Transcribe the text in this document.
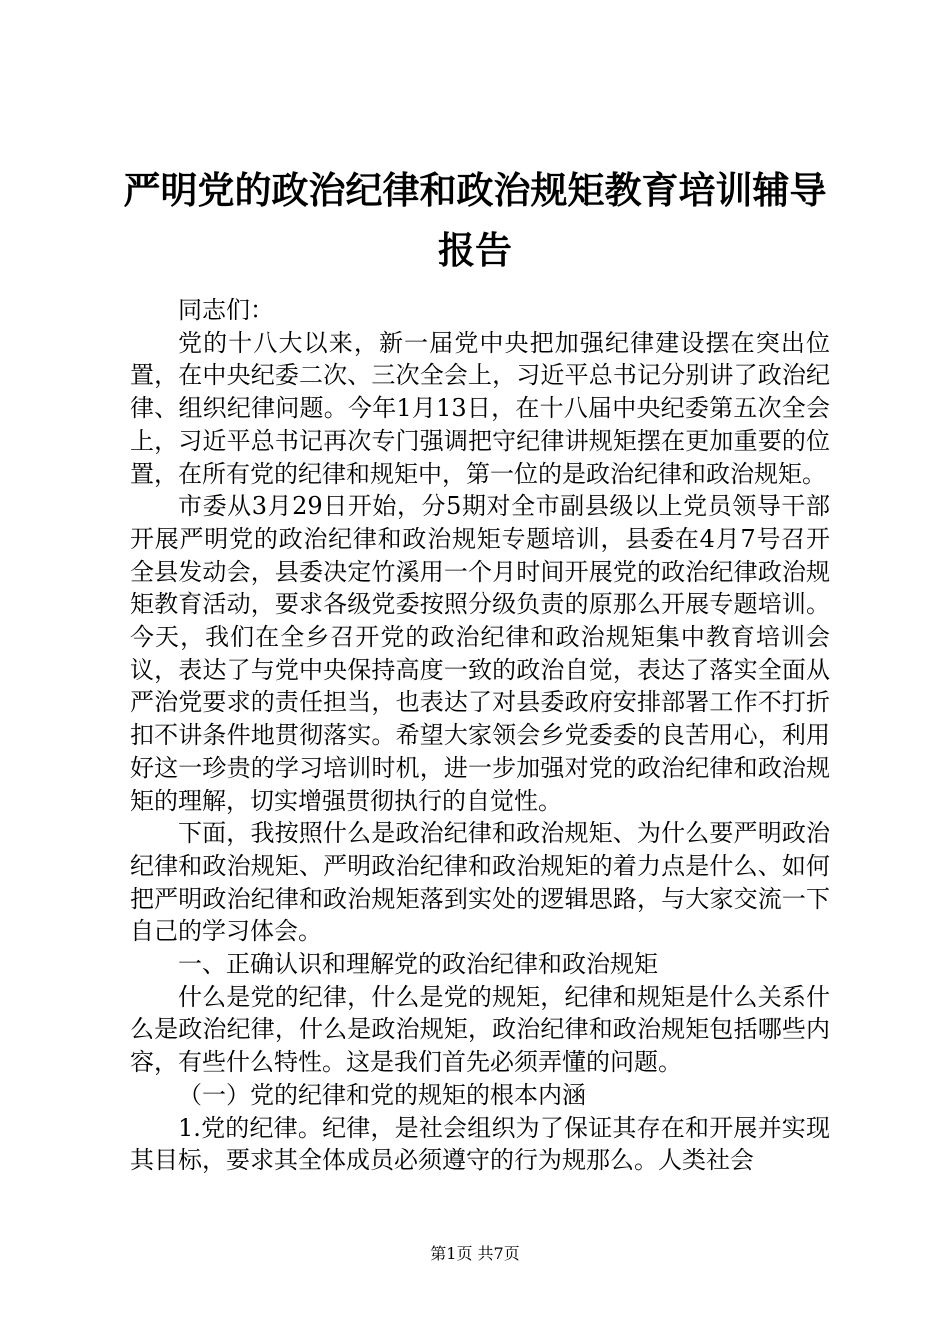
严明党的政治纪律和政治规矩教育培训辅导报告

同志们：

党的十八大以来，新一届党中央把加强纪律建设摆在突出位置，在中央纪委二次、三次全会上，习近平总书记分别讲了政治纪律、组织纪律问题。今年1月13日，在十八届中央纪委第五次全会上，习近平总书记再次专门强调把守纪律讲规矩摆在更加重要的位置，在所有党的纪律和规矩中，第一位的是政治纪律和政治规矩。

市委从3月29日开始，分5期对全市副县级以上党员领导干部开展严明党的政治纪律和政治规矩专题培训，县委在4月7号召开全县发动会，县委决定竹溪用一个月时间开展党的政治纪律政治规矩教育活动，要求各级党委按照分级负责的原那么开展专题培训。今天，我们在全乡召开党的政治纪律和政治规矩集中教育培训会议，表达了与党中央保持高度一致的政治自觉，表达了落实全面从严治党要求的责任担当，也表达了对县委政府安排部署工作不打折扣不讲条件地贯彻落实。希望大家领会乡党委委的良苦用心，利用好这一珍贵的学习培训时机，进一步加强对党的政治纪律和政治规矩的理解，切实增强贯彻执行的自觉性。

下面，我按照什么是政治纪律和政治规矩、为什么要严明政治纪律和政治规矩、严明政治纪律和政治规矩的着力点是什么、如何把严明政治纪律和政治规矩落到实处的逻辑思路，与大家交流一下自己的学习体会。

一、正确认识和理解党的政治纪律和政治规矩

什么是党的纪律，什么是党的规矩，纪律和规矩是什么关系什么是政治纪律，什么是政治规矩，政治纪律和政治规矩包括哪些内容，有些什么特性。这是我们首先必须弄懂的问题。

（一）党的纪律和党的规矩的根本内涵

1.党的纪律。纪律，是社会组织为了保证其存在和开展并实现其目标，要求其全体成员必须遵守的行为规那么。人类社会

第1页 共7页
